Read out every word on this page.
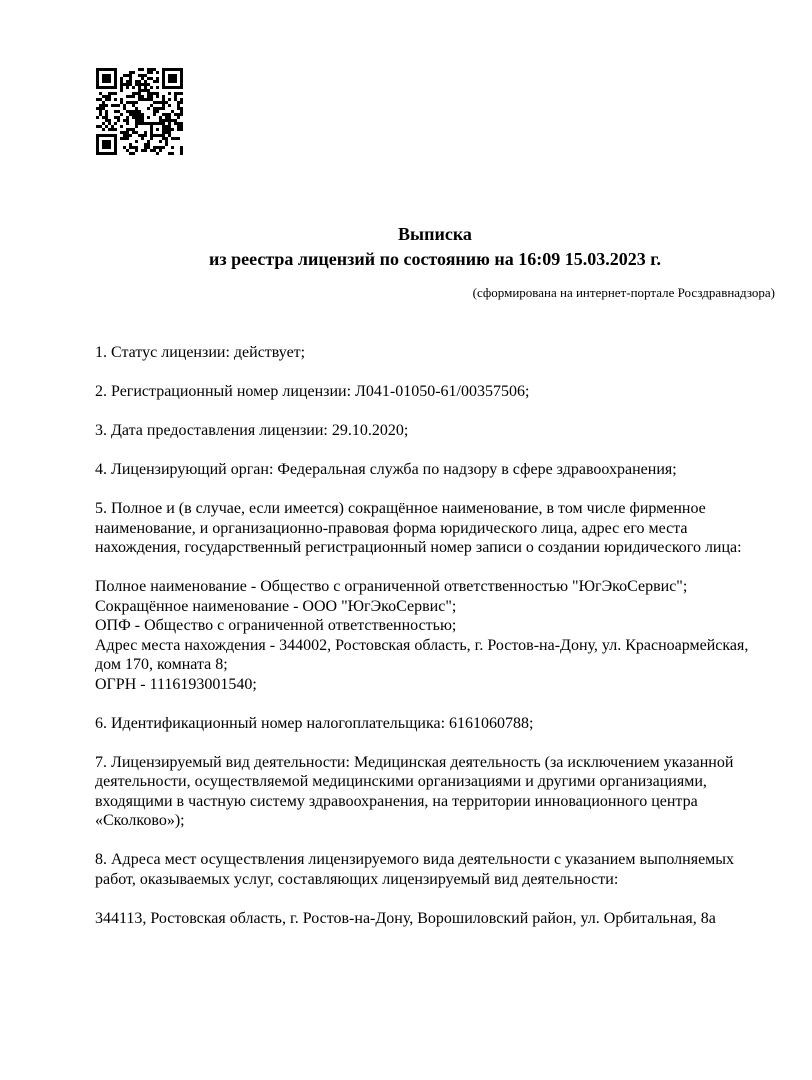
Выписка
из реестра лицензий по состоянию на 16:09 15.03.2023 г.
(сформирована на интернет-портале Росздравнадзора)

1. Статус лицензии: действует;

2. Регистрационный номер лицензии: Л041-01050-61/00357506;

3. Дата предоставления лицензии: 29.10.2020;

4. Лицензирующий орган: Федеральная служба по надзору в сфере здравоохранения;

5. Полное и (в случае, если имеется) сокращённое наименование, в том числе фирменное наименование, и организационно-правовая форма юридического лица, адрес его места нахождения, государственный регистрационный номер записи о создании юридического лица:

Полное наименование - Общество с ограниченной ответственностью "ЮгЭкоСервис";
Сокращённое наименование - ООО "ЮгЭкоСервис";
ОПФ - Общество с ограниченной ответственностью;
Адрес места нахождения - 344002, Ростовская область, г. Ростов-на-Дону, ул. Красноармейская, дом 170, комната 8;
ОГРН - 1116193001540;

6. Идентификационный номер налогоплательщика: 6161060788;

7. Лицензируемый вид деятельности: Медицинская деятельность (за исключением указанной деятельности, осуществляемой медицинскими организациями и другими организациями, входящими в частную систему здравоохранения, на территории инновационного центра «Сколково»);

8. Адреса мест осуществления лицензируемого вида деятельности с указанием выполняемых работ, оказываемых услуг, составляющих лицензируемый вид деятельности:

344113, Ростовская область, г. Ростов-на-Дону, Ворошиловский район, ул. Орбитальная, 8а
